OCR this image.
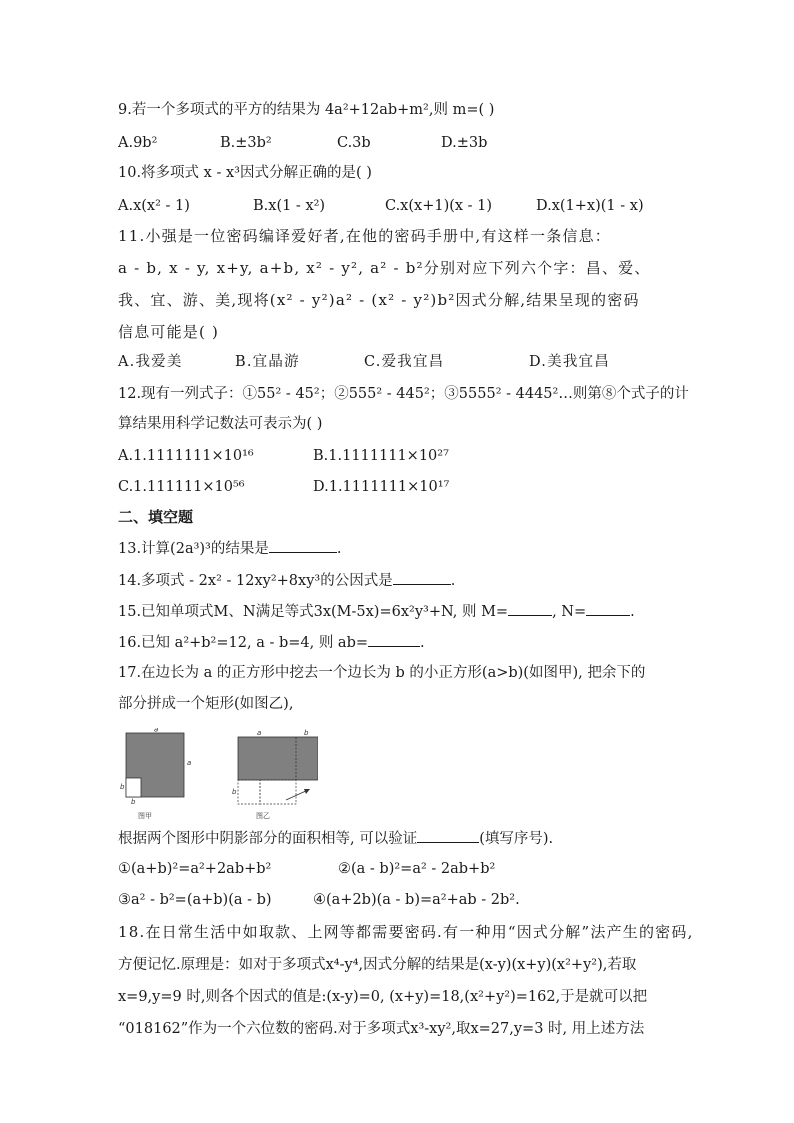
9.若一个多项式的平方的结果为 4a²+12ab+m²,则 m=( )
A.9b²	B.±3b²	C.3b	D.±3b
10.将多项式 x - x³因式分解正确的是( )
A.x(x² - 1)	B.x(1 - x²)	C.x(x+1)(x - 1)	D.x(1+x)(1 - x)
11.小强是一位密码编译爱好者,在他的密码手册中,有这样一条信息：
a - b, x - y, x+y, a+b, x² - y², a² - b²分别对应下列六个字：昌、爱、
我、宜、游、美,现将(x² - y²)a² - (x² - y²)b²因式分解,结果呈现的密码
信息可能是( )
A.我爱美	B.宜晶游	C.爱我宜昌	D.美我宜昌
12.现有一列式子：①55² - 45²；②555² - 445²；③5555² - 4445²…则第⑧个式子的计
算结果用科学记数法可表示为( )
A.1.1111111×10¹⁶	B.1.1111111×10²⁷
C.1.111111×10⁵⁶	D.1.1111111×10¹⁷
二、填空题
13.计算(2a³)³的结果是	.
14.多项式 - 2x² - 12xy²+8xy³的公因式是	.
15.已知单项式M、N满足等式3x(M-5x)=6x²y³+N, 则 M=	, N=	.
16.已知 a²+b²=12, a - b=4, 则 ab=	.
17.在边长为 a 的正方形中挖去一个边长为 b 的小正方形(a>b)(如图甲), 把余下的
部分拼成一个矩形(如图乙),
a
a
b
b
图甲
a	b
b
图乙
根据两个图形中阴影部分的面积相等, 可以验证	(填写序号).
①(a+b)²=a²+2ab+b²	②(a - b)²=a² - 2ab+b²
③a² - b²=(a+b)(a - b)	④(a+2b)(a - b)=a²+ab - 2b².
18.在日常生活中如取款、上网等都需要密码.有一种用“因式分解”法产生的密码,
方便记忆.原理是：如对于多项式x⁴-y⁴,因式分解的结果是(x-y)(x+y)(x²+y²),若取
x=9,y=9 时,则各个因式的值是:(x-y)=0, (x+y)=18,(x²+y²)=162,于是就可以把
“018162”作为一个六位数的密码.对于多项式x³-xy²,取x=27,y=3 时, 用上述方法
